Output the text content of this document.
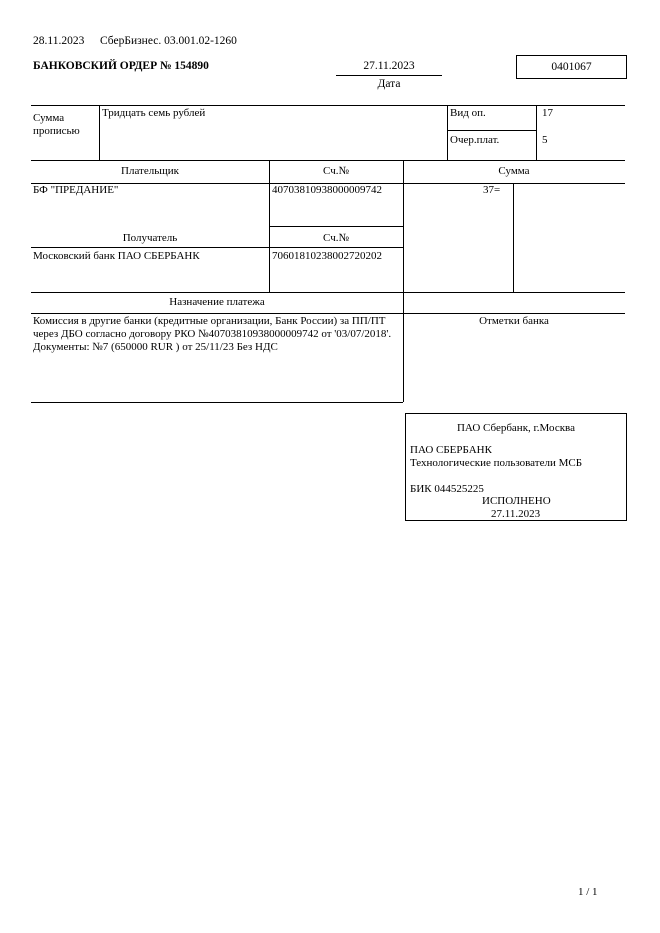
28.11.2023 СберБизнес. 03.001.02-1260
БАНКОВСКИЙ ОРДЕР № 154890	27.11.2023
Дата
0401067
Сумма
прописью
Тридцать семь рублей	Вид оп.	17
Очер.плат.	5
Плательщик	Сч.№	Сумма
БФ "ПРЕДАНИЕ"	40703810938000009742	37=
Получатель	Сч.№
Московский банк ПАО СБЕРБАНК	70601810238002720202
Назначение платежа
Комиссия в другие банки (кредитные организации, Банк России) за ПП/ПТ
через ДБО согласно договору РКО №40703810938000009742 от '03/07/2018'.
Документы: №7 (650000 RUR ) от 25/11/23 Без НДС
Отметки банка
ПАО Сбербанк, г.Москва
ПАО СБЕРБАНК
Технологические пользователи МСБ
БИК 044525225
ИСПОЛНЕНО
27.11.2023
1 / 1
